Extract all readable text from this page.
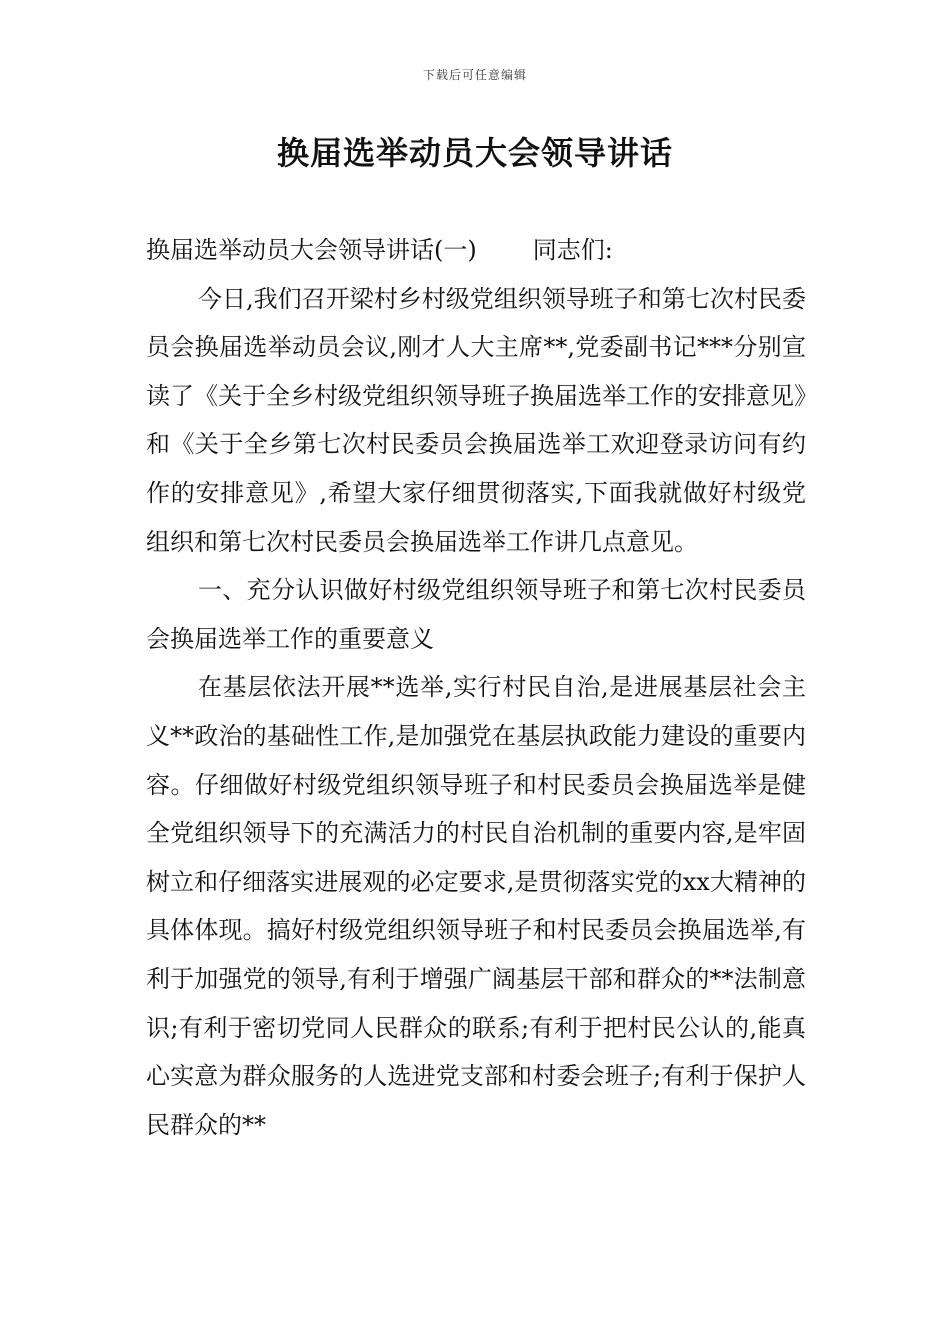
下载后可任意编辑
换届选举动员大会领导讲话

换届选举动员大会领导讲话(一) 同志们:

今日,我们召开梁村乡村级党组织领导班子和第七次村民委员会换届选举动员会议,刚才人大主席**,党委副书记***分别宣读了《关于全乡村级党组织领导班子换届选举工作的安排意见》和《关于全乡第七次村民委员会换届选举工欢迎登录访问有约作的安排意见》,希望大家仔细贯彻落实,下面我就做好村级党组织和第七次村民委员会换届选举工作讲几点意见。

一、充分认识做好村级党组织领导班子和第七次村民委员会换届选举工作的重要意义

在基层依法开展**选举,实行村民自治,是进展基层社会主义**政治的基础性工作,是加强党在基层执政能力建设的重要内容。仔细做好村级党组织领导班子和村民委员会换届选举是健全党组织领导下的充满活力的村民自治机制的重要内容,是牢固树立和仔细落实进展观的必定要求,是贯彻落实党的xx大精神的具体体现。搞好村级党组织领导班子和村民委员会换届选举,有利于加强党的领导,有利于增强广阔基层干部和群众的**法制意识;有利于密切党同人民群众的联系;有利于把村民公认的,能真心实意为群众服务的人选进党支部和村委会班子;有利于保护人民群众的**
